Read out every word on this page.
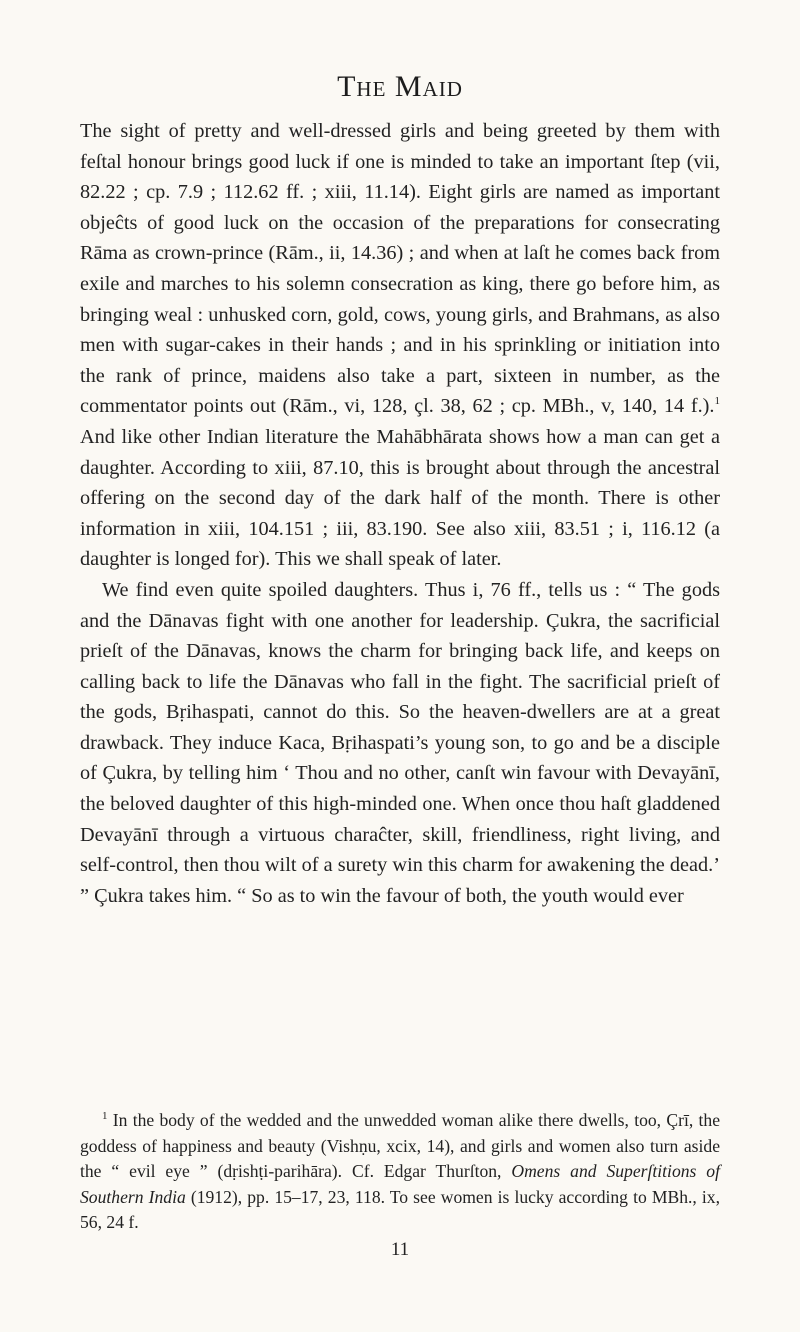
The Maid

The sight of pretty and well-dressed girls and being greeted by them with feſtal honour brings good luck if one is minded to take an important ſtep (vii, 82.22 ; cp. 7.9 ; 112.62 ff. ; xiii, 11.14). Eight girls are named as important objeĉts of good luck on the occasion of the preparations for consecrating Rāma as crown-prince (Rām., ii, 14.36) ; and when at laſt he comes back from exile and marches to his solemn consecration as king, there go before him, as bringing weal : unhusked corn, gold, cows, young girls, and Brahmans, as also men with sugar-cakes in their hands ; and in his sprinkling or initiation into the rank of prince, maidens also take a part, sixteen in number, as the commentator points out (Rām., vi, 128, çl. 38, 62 ; cp. MBh., v, 140, 14 f.).$^1$ And like other Indian literature the Mahābhārata shows how a man can get a daughter. According to xiii, 87.10, this is brought about through the ancestral offering on the second day of the dark half of the month. There is other information in xiii, 104.151 ; iii, 83.190. See also xiii, 83.51 ; i, 116.12 (a daughter is longed for). This we shall speak of later.

We find even quite spoiled daughters. Thus i, 76 ff., tells us : “ The gods and the Dānavas fight with one another for leadership. Çukra, the sacrificial prieſt of the Dānavas, knows the charm for bringing back life, and keeps on calling back to life the Dānavas who fall in the fight. The sacrificial prieſt of the gods, Bṛihaspati, cannot do this. So the heaven-dwellers are at a great drawback. They induce Kaca, Bṛihaspati’s young son, to go and be a disciple of Çukra, by telling him ‘ Thou and no other, canſt win favour with Devayānī, the beloved daughter of this high-minded one. When once thou haſt gladdened Devayānī through a virtuous charaĉter, skill, friendliness, right living, and self-control, then thou wilt of a surety win this charm for awakening the dead.’ ” Çukra takes him. “ So as to win the favour of both, the youth would ever

$^1$ In the body of the wedded and the unwedded woman alike there dwells, too, Çrī, the goddess of happiness and beauty (Vishṇu, xcix, 14), and girls and women also turn aside the “ evil eye ” (dṛishṭi-parihāra). Cf. Edgar Thurſton, Omens and Superſtitions of Southern India (1912), pp. 15–17, 23, 118. To see women is lucky according to MBh., ix, 56, 24 f.

11
